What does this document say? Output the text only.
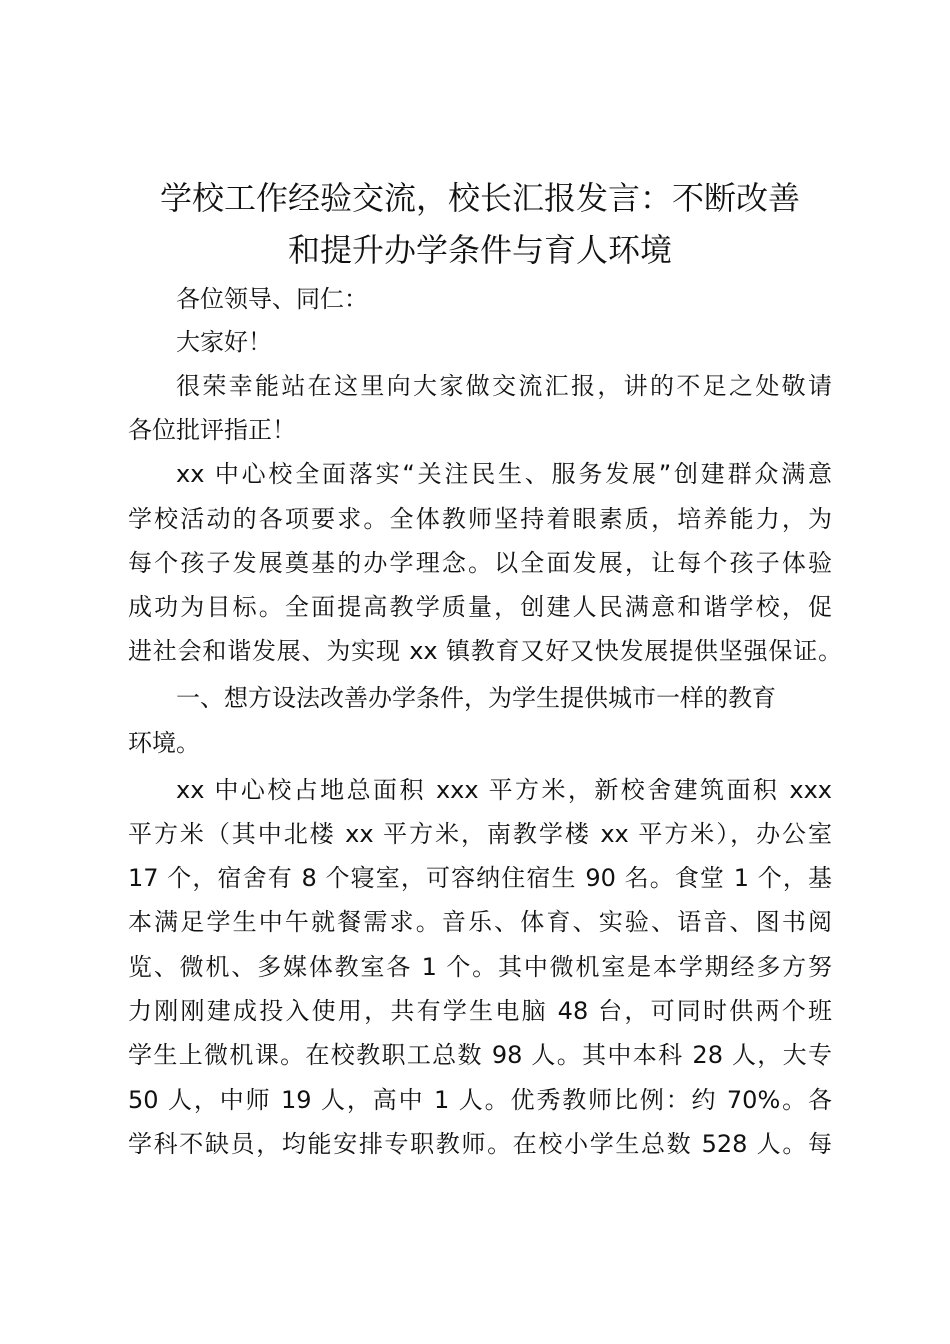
学校工作经验交流，校长汇报发言：不断改善
和提升办学条件与育人环境
各位领导、同仁：
大家好！
很荣幸能站在这里向大家做交流汇报，讲的不足之处敬请
各位批评指正！
xx 中心校全面落实“关注民生、服务发展”创建群众满意
学校活动的各项要求。全体教师坚持着眼素质，培养能力，为
每个孩子发展奠基的办学理念。以全面发展，让每个孩子体验
成功为目标。全面提高教学质量，创建人民满意和谐学校，促
进社会和谐发展、为实现 xx 镇教育又好又快发展提供坚强保证。
一、想方设法改善办学条件，为学生提供城市一样的教育
环境。
xx 中心校占地总面积 xxx 平方米，新校舍建筑面积 xxx
平方米（其中北楼 xx 平方米，南教学楼 xx 平方米），办公室
17 个，宿舍有 8 个寝室，可容纳住宿生 90 名。食堂 1 个，基
本满足学生中午就餐需求。音乐、体育、实验、语音、图书阅
览、微机、多媒体教室各 1 个。其中微机室是本学期经多方努
力刚刚建成投入使用，共有学生电脑 48 台，可同时供两个班
学生上微机课。在校教职工总数 98 人。其中本科 28 人，大专
50 人，中师 19 人，高中 1 人。优秀教师比例：约 70%。各
学科不缺员，均能安排专职教师。在校小学生总数 528 人。每
